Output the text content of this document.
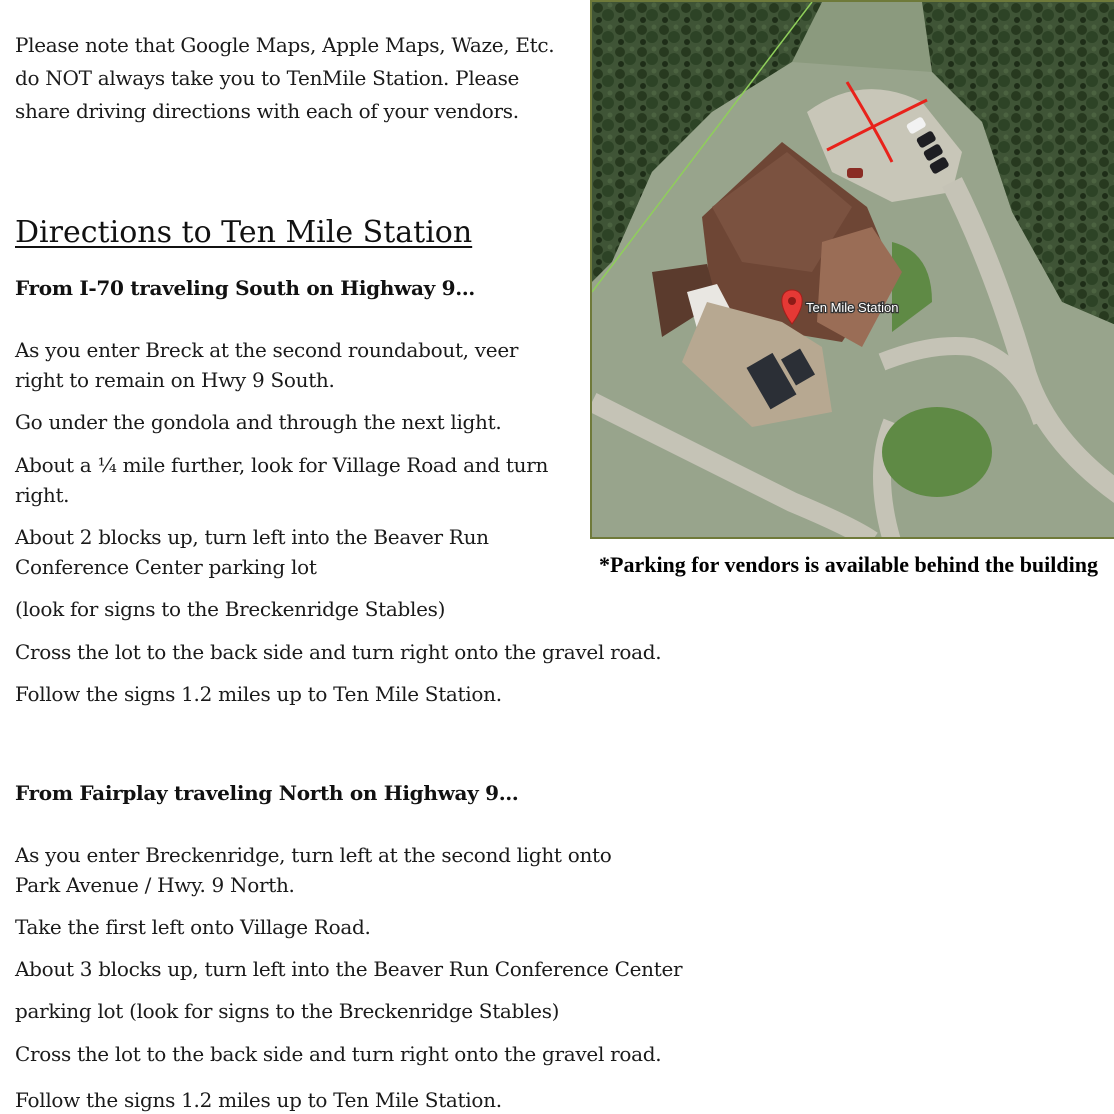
Please note that Google Maps, Apple Maps, Waze, Etc.
do NOT always take you to TenMile Station. Please
share driving directions with each of your vendors.

Directions to Ten Mile Station

From I-70 traveling South on Highway 9…

As you enter Breck at the second roundabout, veer
right to remain on Hwy 9 South.

Go under the gondola and through the next light.

About a ¼ mile further, look for Village Road and turn
right.

About 2 blocks up, turn left into the Beaver Run
Conference Center parking lot

(look for signs to the Breckenridge Stables)

Cross the lot to the back side and turn right onto the gravel road.

Follow the signs 1.2 miles up to Ten Mile Station.

From Fairplay traveling North on Highway 9…

As you enter Breckenridge, turn left at the second light onto
Park Avenue / Hwy. 9 North.

Take the first left onto Village Road.

About 3 blocks up, turn left into the Beaver Run Conference Center

parking lot (look for signs to the Breckenridge Stables)

Cross the lot to the back side and turn right onto the gravel road.

Follow the signs 1.2 miles up to Ten Mile Station.

Ten Mile Station

*Parking for vendors is available behind the building
